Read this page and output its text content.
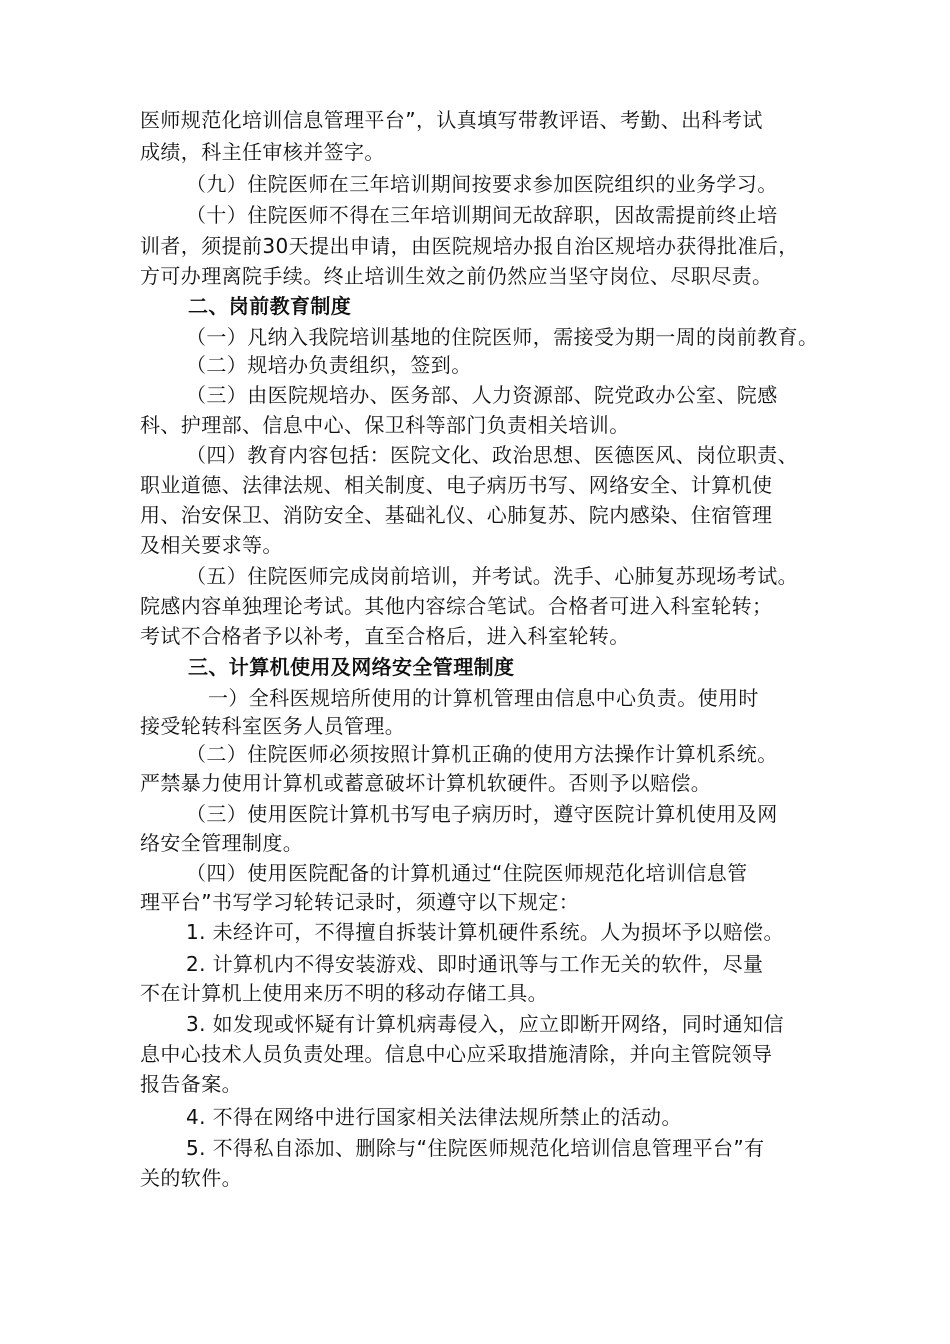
医师规范化培训信息管理平台”，认真填写带教评语、考勤、出科考试
成绩，科主任审核并签字。
（九）住院医师在三年培训期间按要求参加医院组织的业务学习。
（十）住院医师不得在三年培训期间无故辞职，因故需提前终止培
训者，须提前30天提出申请，由医院规培办报自治区规培办获得批准后，
方可办理离院手续。终止培训生效之前仍然应当坚守岗位、尽职尽责。
二、岗前教育制度
（一）凡纳入我院培训基地的住院医师，需接受为期一周的岗前教育。
（二）规培办负责组织，签到。
（三）由医院规培办、医务部、人力资源部、院党政办公室、院感
科、护理部、信息中心、保卫科等部门负责相关培训。
（四）教育内容包括：医院文化、政治思想、医德医风、岗位职责、
职业道德、法律法规、相关制度、电子病历书写、网络安全、计算机使
用、治安保卫、消防安全、基础礼仪、心肺复苏、院内感染、住宿管理
及相关要求等。
（五）住院医师完成岗前培训，并考试。洗手、心肺复苏现场考试。
院感内容单独理论考试。其他内容综合笔试。合格者可进入科室轮转；
考试不合格者予以补考，直至合格后，进入科室轮转。
三、计算机使用及网络安全管理制度
一）全科医规培所使用的计算机管理由信息中心负责。使用时
接受轮转科室医务人员管理。
（二）住院医师必须按照计算机正确的使用方法操作计算机系统。
严禁暴力使用计算机或蓄意破坏计算机软硬件。否则予以赔偿。
（三）使用医院计算机书写电子病历时，遵守医院计算机使用及网
络安全管理制度。
（四）使用医院配备的计算机通过“住院医师规范化培训信息管
理平台”书写学习轮转记录时，须遵守以下规定：
1. 未经许可，不得擅自拆装计算机硬件系统。人为损坏予以赔偿。
2. 计算机内不得安装游戏、即时通讯等与工作无关的软件，尽量
不在计算机上使用来历不明的移动存储工具。
3. 如发现或怀疑有计算机病毒侵入，应立即断开网络，同时通知信
息中心技术人员负责处理。信息中心应采取措施清除，并向主管院领导
报告备案。
4. 不得在网络中进行国家相关法律法规所禁止的活动。
5. 不得私自添加、删除与“住院医师规范化培训信息管理平台”有
关的软件。
